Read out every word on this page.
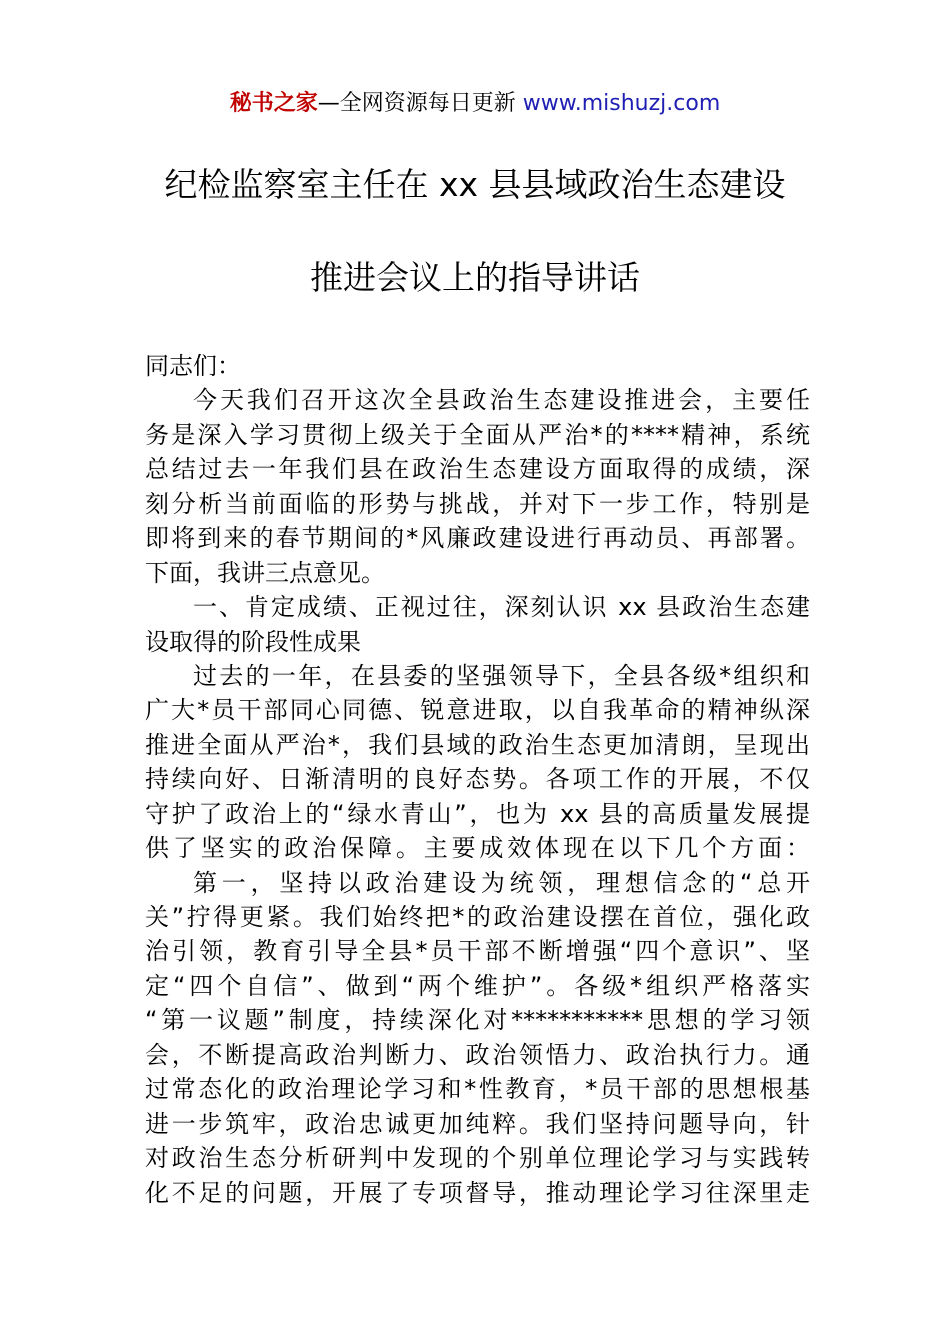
秘书之家—全网资源每日更新 www.mishuzj.com
纪检监察室主任在 xx 县县域政治生态建设
推进会议上的指导讲话
同志们：
今天我们召开这次全县政治生态建设推进会，主要任
务是深入学习贯彻上级关于全面从严治*的****精神，系统
总结过去一年我们县在政治生态建设方面取得的成绩，深
刻分析当前面临的形势与挑战，并对下一步工作，特别是
即将到来的春节期间的*风廉政建设进行再动员、再部署。
下面，我讲三点意见。
一、肯定成绩、正视过往，深刻认识 xx 县政治生态建
设取得的阶段性成果
过去的一年，在县委的坚强领导下，全县各级*组织和
广大*员干部同心同德、锐意进取，以自我革命的精神纵深
推进全面从严治*，我们县域的政治生态更加清朗，呈现出
持续向好、日渐清明的良好态势。各项工作的开展，不仅
守护了政治上的“绿水青山”，也为 xx 县的高质量发展提
供了坚实的政治保障。主要成效体现在以下几个方面：
第一，坚持以政治建设为统领，理想信念的“总开
关”拧得更紧。我们始终把*的政治建设摆在首位，强化政
治引领，教育引导全县*员干部不断增强“四个意识”、坚
定“四个自信”、做到“两个维护”。各级*组织严格落实
“第一议题”制度，持续深化对***********思想的学习领
会，不断提高政治判断力、政治领悟力、政治执行力。通
过常态化的政治理论学习和*性教育，*员干部的思想根基
进一步筑牢，政治忠诚更加纯粹。我们坚持问题导向，针
对政治生态分析研判中发现的个别单位理论学习与实践转
化不足的问题，开展了专项督导，推动理论学习往深里走
